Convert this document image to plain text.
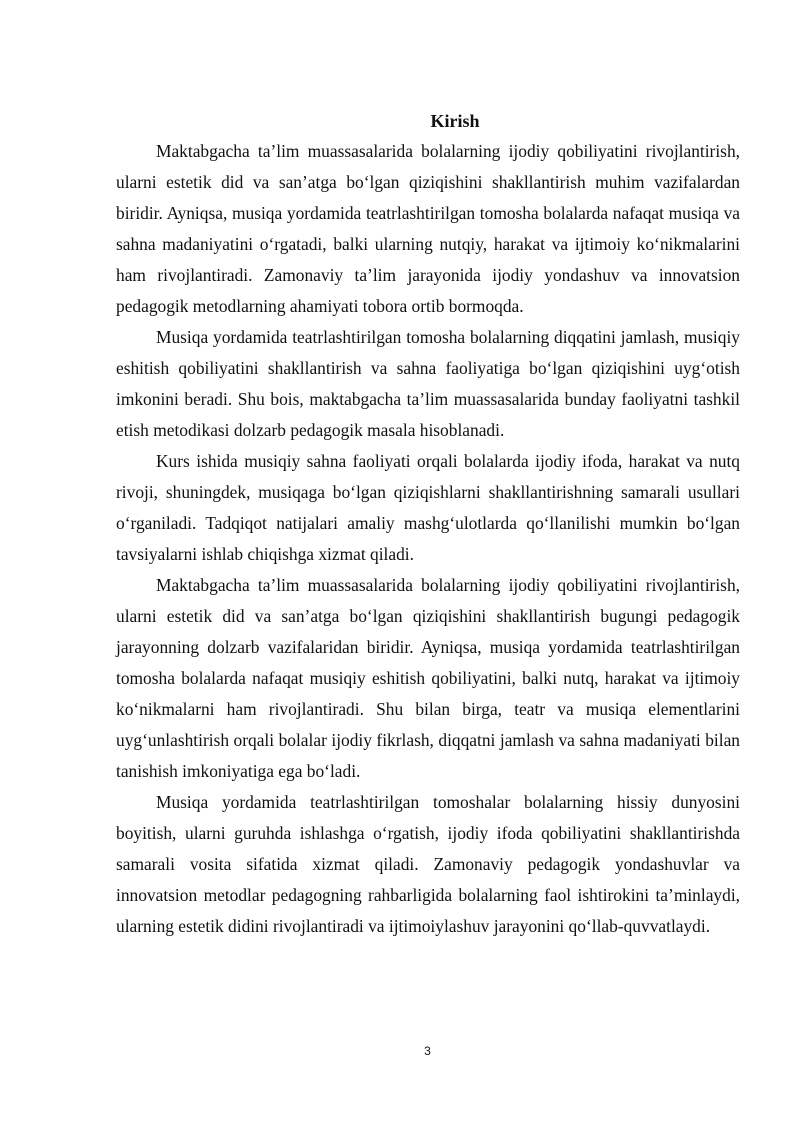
Kirish

Maktabgacha ta’lim muassasalarida bolalarning ijodiy qobiliyatini rivojlantirish, ularni estetik did va san’atga bo‘lgan qiziqishini shakllantirish muhim vazifalardan biridir. Ayniqsa, musiqa yordamida teatrlashtirilgan tomosha bolalarda nafaqat musiqa va sahna madaniyatini o‘rgatadi, balki ularning nutqiy, harakat va ijtimoiy ko‘nikmalarini ham rivojlantiradi. Zamonaviy ta’lim jarayonida ijodiy yondashuv va innovatsion pedagogik metodlarning ahamiyati tobora ortib bormoqda.

Musiqa yordamida teatrlashtirilgan tomosha bolalarning diqqatini jamlash, musiqiy eshitish qobiliyatini shakllantirish va sahna faoliyatiga bo‘lgan qiziqishini uyg‘otish imkonini beradi. Shu bois, maktabgacha ta’lim muassasalarida bunday faoliyatni tashkil etish metodikasi dolzarb pedagogik masala hisoblanadi.

Kurs ishida musiqiy sahna faoliyati orqali bolalarda ijodiy ifoda, harakat va nutq rivoji, shuningdek, musiqaga bo‘lgan qiziqishlarni shakllantirishning samarali usullari o‘rganiladi. Tadqiqot natijalari amaliy mashg‘ulotlarda qo‘llanilishi mumkin bo‘lgan tavsiyalarni ishlab chiqishga xizmat qiladi.

Maktabgacha ta’lim muassasalarida bolalarning ijodiy qobiliyatini rivojlantirish, ularni estetik did va san’atga bo‘lgan qiziqishini shakllantirish bugungi pedagogik jarayonning dolzarb vazifalaridan biridir. Ayniqsa, musiqa yordamida teatrlashtirilgan tomosha bolalarda nafaqat musiqiy eshitish qobiliyatini, balki nutq, harakat va ijtimoiy ko‘nikmalarni ham rivojlantiradi. Shu bilan birga, teatr va musiqa elementlarini uyg‘unlashtirish orqali bolalar ijodiy fikrlash, diqqatni jamlash va sahna madaniyati bilan tanishish imkoniyatiga ega bo‘ladi.

Musiqa yordamida teatrlashtirilgan tomoshalar bolalarning hissiy dunyosini boyitish, ularni guruhda ishlashga o‘rgatish, ijodiy ifoda qobiliyatini shakllantirishda samarali vosita sifatida xizmat qiladi. Zamonaviy pedagogik yondashuvlar va innovatsion metodlar pedagogning rahbarligida bolalarning faol ishtirokini ta’minlaydi, ularning estetik didini rivojlantiradi va ijtimoiylashuv jarayonini qo‘llab-quvvatlaydi.

3
